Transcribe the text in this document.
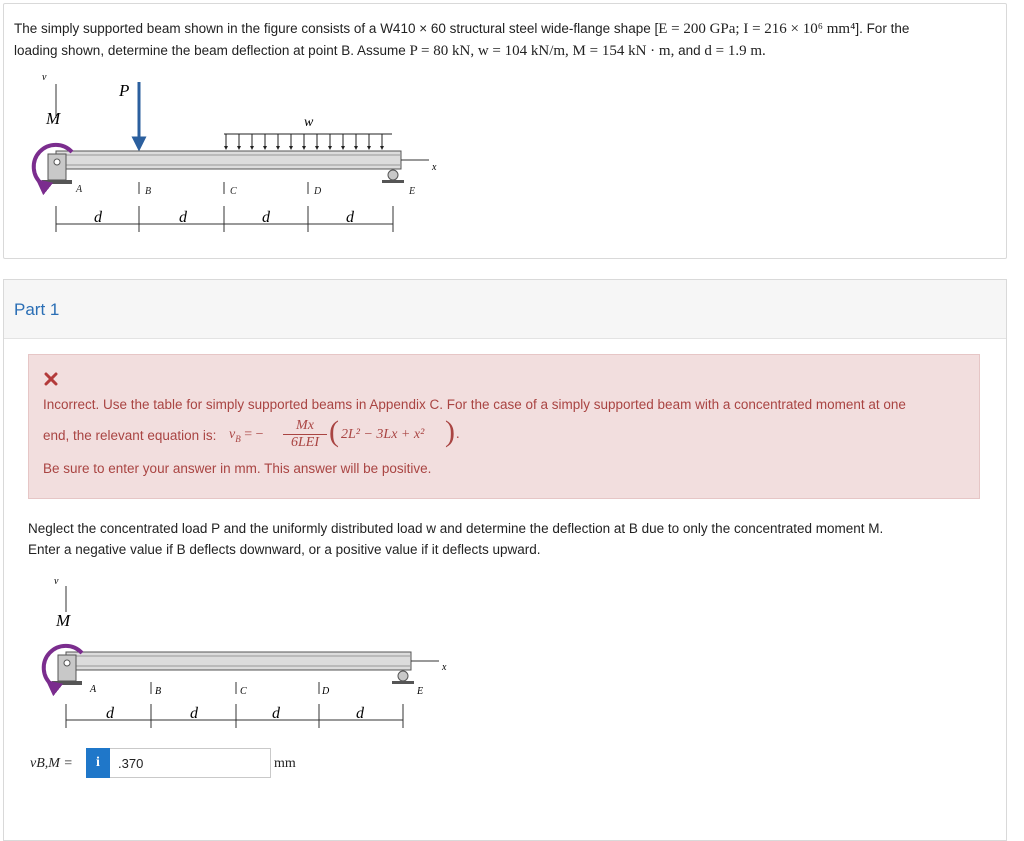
The simply supported beam shown in the figure consists of a W410 × 60 structural steel wide-flange shape [E = 200 GPa; I = 216 × 10⁶ mm⁴]. For the
loading shown, determine the beam deflection at point B. Assume P = 80 kN, w = 104 kN/m, M = 154 kN · m, and d = 1.9 m.
v
M
P
w
x
A	B	C	D	E
d	d	d	d
Part 1
Incorrect. Use the table for simply supported beams in Appendix C. For the case of a simply supported beam with a concentrated moment at one
end, the relevant equation is: $v_B$ = −
Mx
6LEI ( 2L² − 3Lx + x² ) .
Be sure to enter your answer in mm. This answer will be positive.
Neglect the concentrated load P and the uniformly distributed load w and determine the deflection at B due to only the concentrated moment M.
Enter a negative value if B deflects downward, or a positive value if it deflects upward.
v
M
x
A	B	C	D	E
d	d	d	d
vB,M =	i
.370	mm
